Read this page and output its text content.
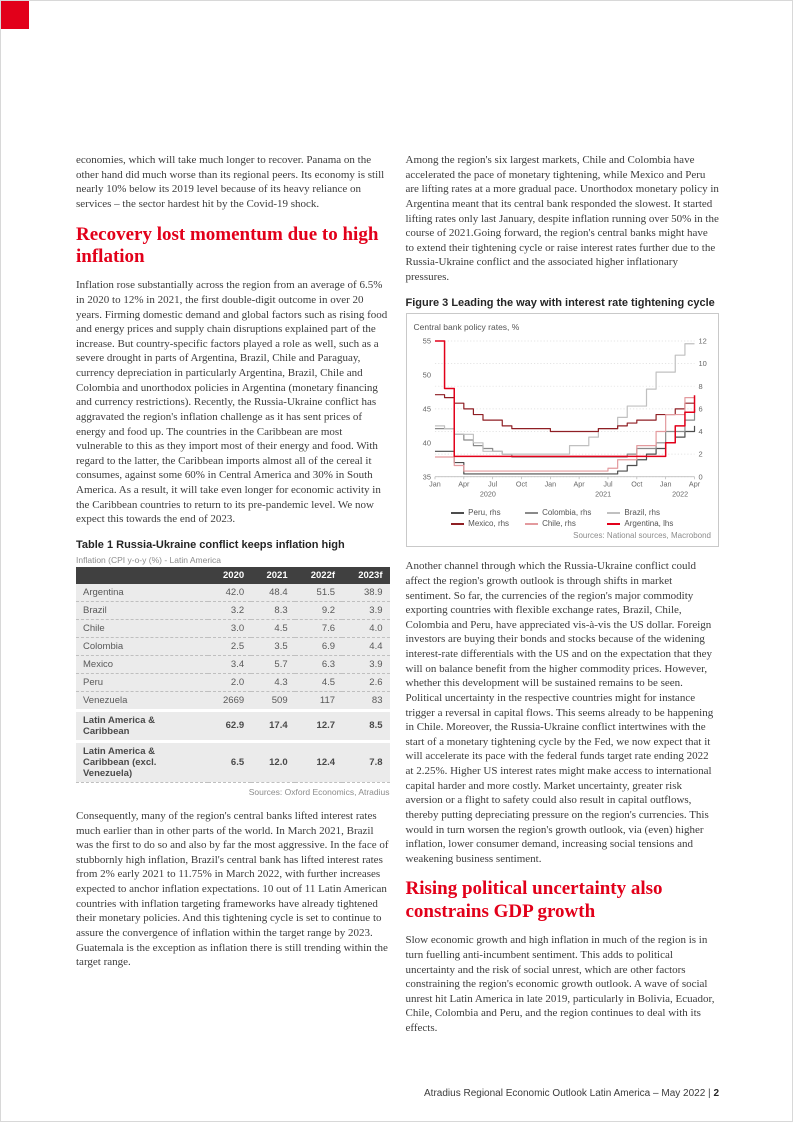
economies, which will take much longer to recover. Panama on the other hand did much worse than its regional peers. Its economy is still nearly 10% below its 2019 level because of its heavy reliance on services – the sector hardest hit by the Covid-19 shock.

Recovery lost momentum due to high inflation

Inflation rose substantially across the region from an average of 6.5% in 2020 to 12% in 2021, the first double-digit outcome in over 20 years. Firming domestic demand and global factors such as rising food and energy prices and supply chain disruptions explained part of the increase. But country-specific factors played a role as well, such as a severe drought in parts of Argentina, Brazil, Chile and Paraguay, currency depreciation in particularly Argentina, Brazil, Chile and Colombia and unorthodox policies in Argentina (monetary financing and currency restrictions). Recently, the Russia-Ukraine conflict has aggravated the region's inflation challenge as it has sent prices of energy and food up. The countries in the Caribbean are most vulnerable to this as they import most of their energy and food. With regard to the latter, the Caribbean imports almost all of the cereal it consumes, against some 60% in Central America and 30% in South America. As a result, it will take even longer for economic activity in the Caribbean countries to return to its pre-pandemic level. We now expect this towards the end of 2023.

Table 1 Russia-Ukraine conflict keeps inflation high
Inflation (CPI y-o-y (%) - Latin America
	2020	2021	2022f	2023f
Argentina	42.0	48.4	51.5	38.9
Brazil	3.2	8.3	9.2	3.9
Chile	3.0	4.5	7.6	4.0
Colombia	2.5	3.5	6.9	4.4
Mexico	3.4	5.7	6.3	3.9
Peru	2.0	4.3	4.5	2.6
Venezuela	2669	509	117	83
Latin America & Caribbean	62.9	17.4	12.7	8.5
Latin America & Caribbean (excl. Venezuela)	6.5	12.0	12.4	7.8
Sources: Oxford Economics, Atradius

Consequently, many of the region's central banks lifted interest rates much earlier than in other parts of the world. In March 2021, Brazil was the first to do so and also by far the most aggressive. In the face of stubbornly high inflation, Brazil's central bank has lifted interest rates from 2% early 2021 to 11.75% in March 2022, with further increases expected to anchor inflation expectations. 10 out of 11 Latin American countries with inflation targeting frameworks have already tightened their monetary policies. And this tightening cycle is set to continue to assure the convergence of inflation within the target range by 2023. Guatemala is the exception as inflation there is still trending within the target range.

Among the region's six largest markets, Chile and Colombia have accelerated the pace of monetary tightening, while Mexico and Peru are lifting rates at a more gradual pace. Unorthodox monetary policy in Argentina meant that its central bank responded the slowest. It started lifting rates only last January, despite inflation running over 50% in the course of 2021.Going forward, the region's central banks might have to extend their tightening cycle or raise interest rates further due to the Russia-Ukraine conflict and the associated higher inflationary pressures.

Figure 3 Leading the way with interest rate tightening cycle
Central bank policy rates, %
0
2
4
6
8
10
12
35
40
45
50
55
Jan Apr	Jul	Oct Jan Apr	Jul	Oct Jan Apr
2020	2021	2022
Peru, rhs	Colombia, rhs	Brazil, rhs
Mexico, rhs	Chile, rhs	Argentina, lhs
Sources: National sources, Macrobond

Another channel through which the Russia-Ukraine conflict could affect the region's growth outlook is through shifts in market sentiment. So far, the currencies of the region's major commodity exporting countries with flexible exchange rates, Brazil, Chile, Colombia and Peru, have appreciated vis-à-vis the US dollar. Foreign investors are buying their bonds and stocks because of the widening interest-rate differentials with the US and on the expectation that they will on balance benefit from the higher commodity prices. However, whether this development will be sustained remains to be seen. Political uncertainty in the respective countries might for instance trigger a reversal in capital flows. This seems already to be happening in Chile. Moreover, the Russia-Ukraine conflict intertwines with the start of a monetary tightening cycle by the Fed, we now expect that it will accelerate its pace with the federal funds target rate ending 2022 at 2.25%. Higher US interest rates might make access to international capital harder and more costly. Market uncertainty, greater risk aversion or a flight to safety could also result in capital outflows, thereby putting depreciating pressure on the region's currencies. This would in turn worsen the region's growth outlook, via (even) higher inflation, lower consumer demand, increasing social tensions and weakening business sentiment.

Rising political uncertainty also constrains GDP growth

Slow economic growth and high inflation in much of the region is in turn fuelling anti-incumbent sentiment. This adds to political uncertainty and the risk of social unrest, which are other factors constraining the region's economic growth outlook. A wave of social unrest hit Latin America in late 2019, particularly in Bolivia, Ecuador, Chile, Colombia and Peru, and the region continues to deal with its effects.

Atradius Regional Economic Outlook Latin America – May 2022 | 2
